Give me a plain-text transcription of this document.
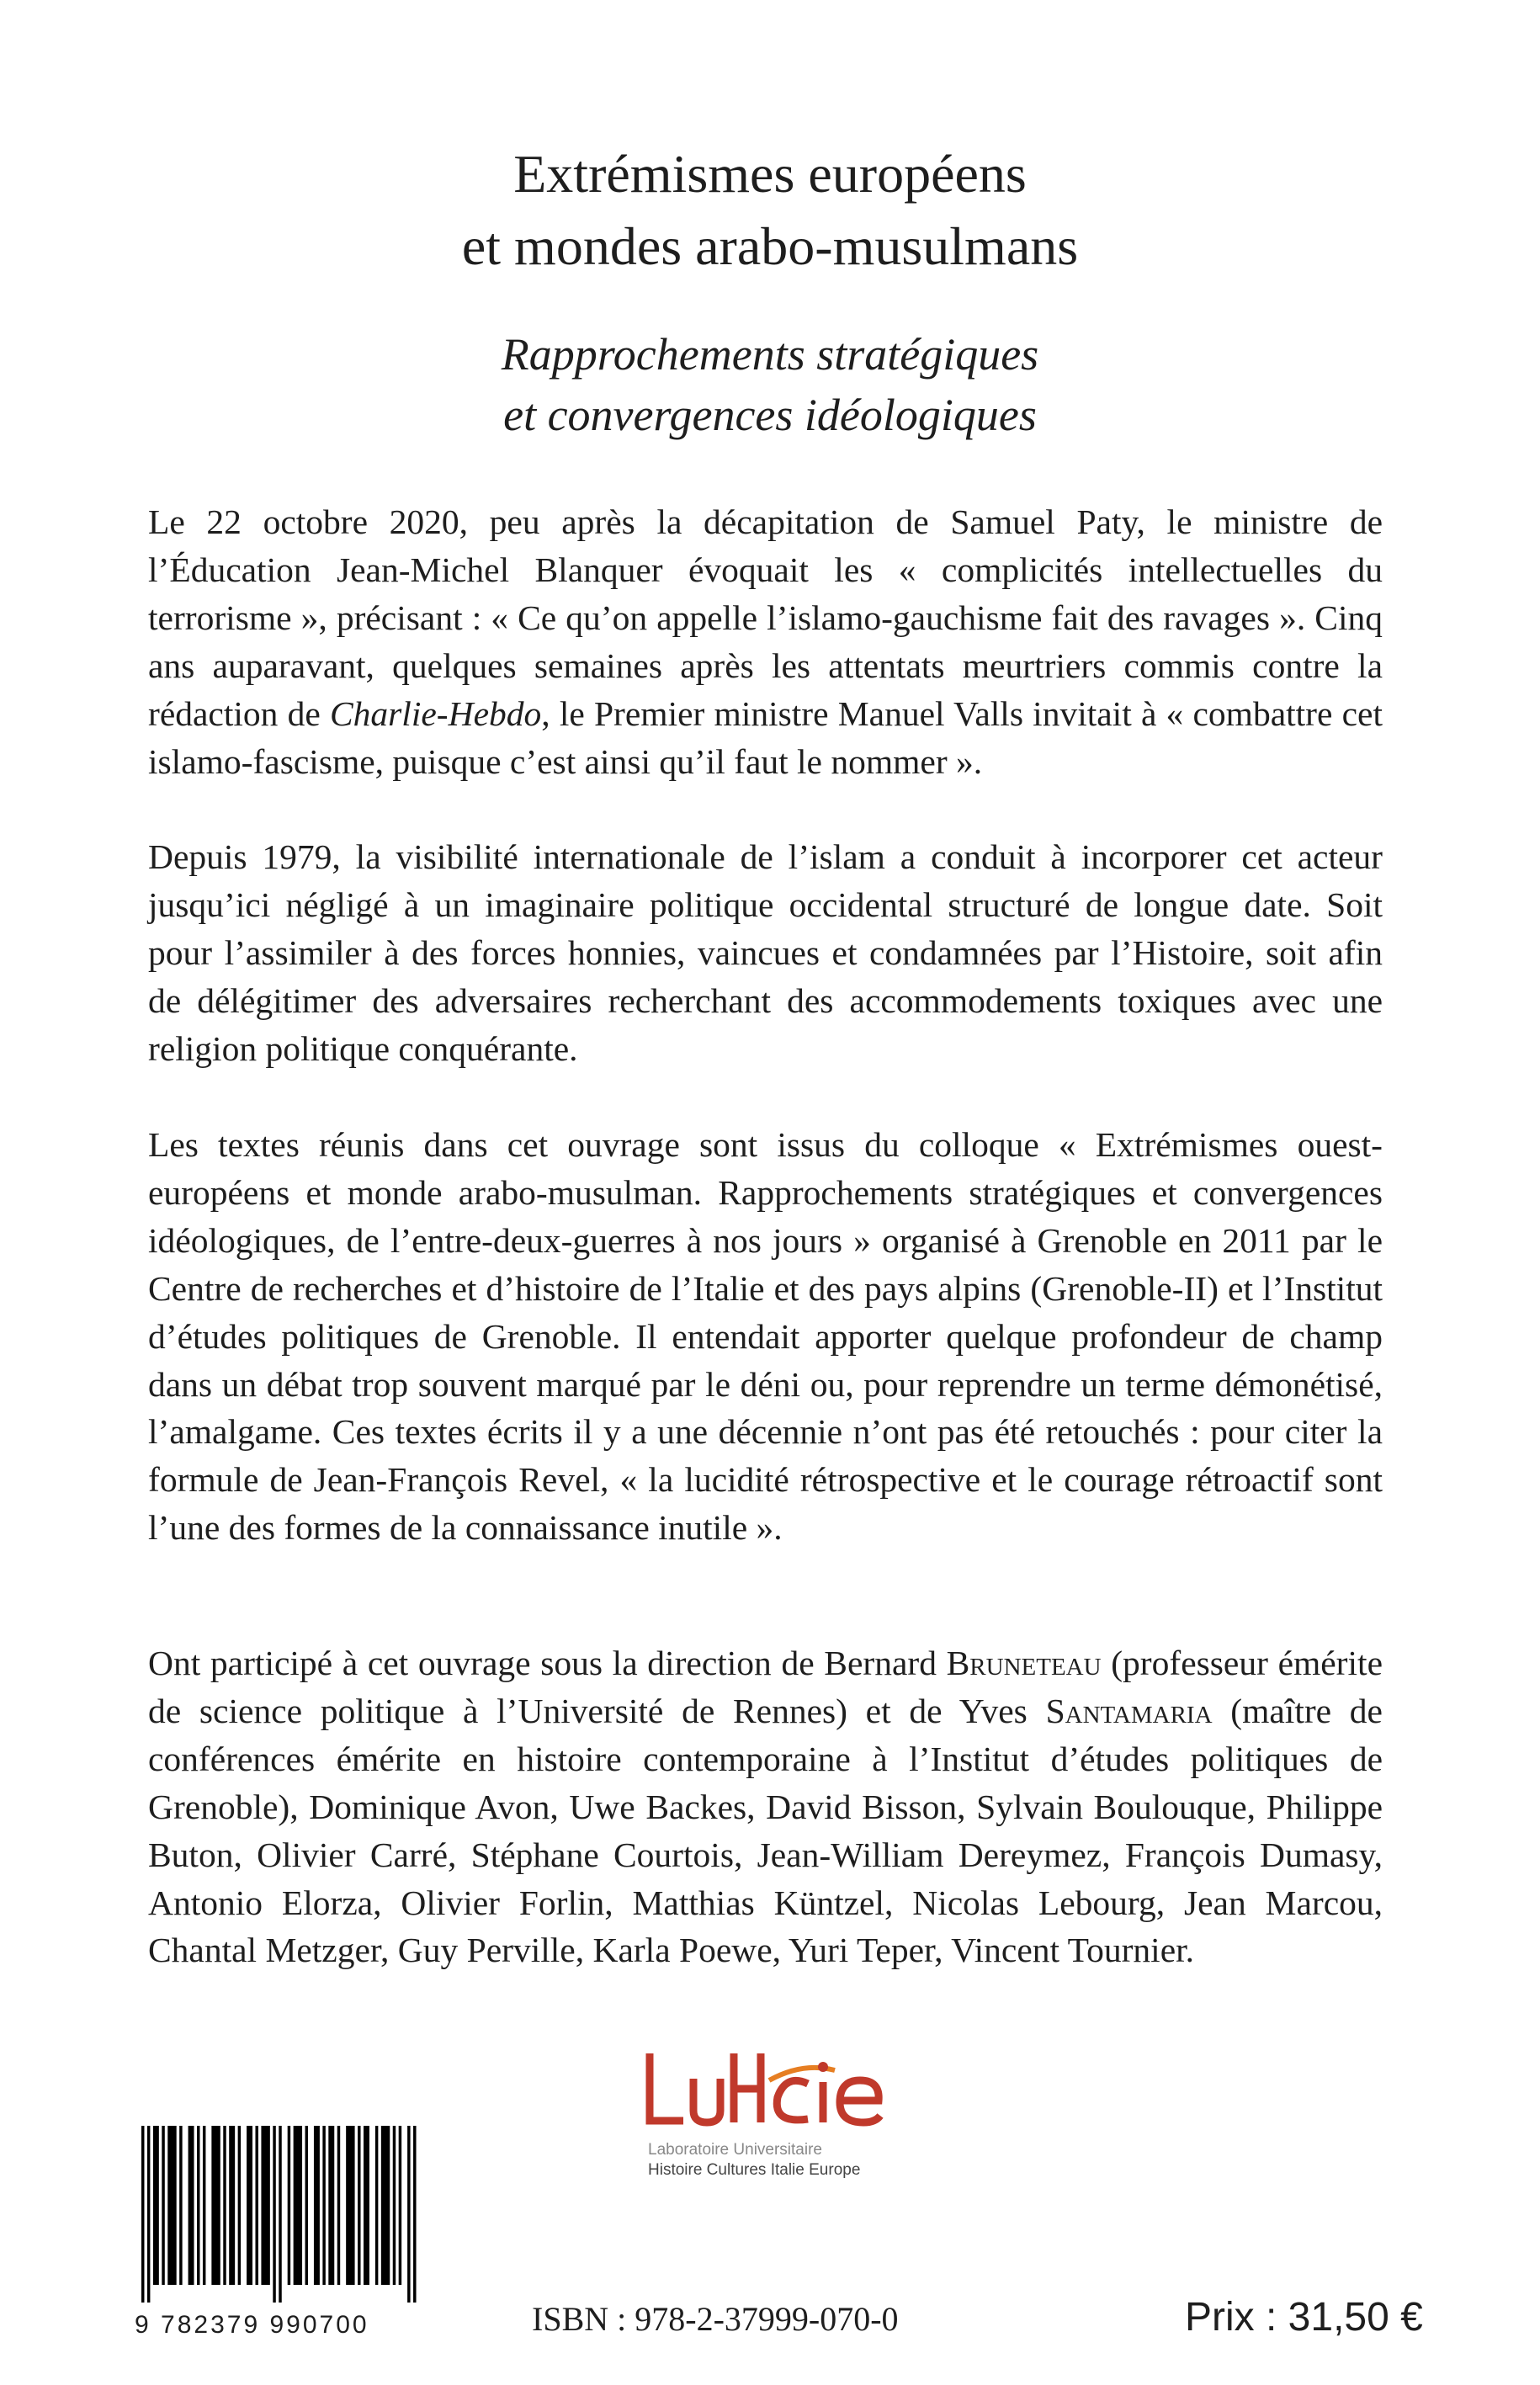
Extrémismes européens
et mondes arabo-musulmans
Rapprochements stratégiques
et convergences idéologiques

Le 22 octobre 2020, peu après la décapitation de Samuel Paty, le ministre de l’Éducation Jean-Michel Blanquer évoquait les « complicités intellectuelles du terrorisme », précisant : « Ce qu’on appelle l’islamo-gauchisme fait des ravages ». Cinq ans auparavant, quelques semaines après les attentats meurtriers commis contre la rédaction de Charlie-Hebdo, le Premier ministre Manuel Valls invitait à « combattre cet islamo-fascisme, puisque c’est ainsi qu’il faut le nommer ».

Depuis 1979, la visibilité internationale de l’islam a conduit à incorporer cet acteur jusqu’ici négligé à un imaginaire politique occidental structuré de longue date. Soit pour l’assimiler à des forces honnies, vaincues et condamnées par l’Histoire, soit afin de délégitimer des adversaires recherchant des accommodements toxiques avec une religion politique conquérante.

Les textes réunis dans cet ouvrage sont issus du colloque « Extrémismes ouest-européens et monde arabo-musulman. Rapprochements stratégiques et convergences idéologiques, de l’entre-deux-guerres à nos jours » organisé à Grenoble en 2011 par le Centre de recherches et d’histoire de l’Italie et des pays alpins (Grenoble-II) et l’Institut d’études politiques de Grenoble. Il entendait apporter quelque profondeur de champ dans un débat trop souvent marqué par le déni ou, pour reprendre un terme démonétisé, l’amalgame. Ces textes écrits il y a une décennie n’ont pas été retouchés : pour citer la formule de Jean-François Revel, « la lucidité rétrospective et le courage rétroactif sont l’une des formes de la connaissance inutile ».

Ont participé à cet ouvrage sous la direction de Bernard Bruneteau (professeur émérite de science politique à l’Université de Rennes) et de Yves Santamaria (maître de conférences émérite en histoire contemporaine à l’Institut d’études politiques de Grenoble), Dominique Avon, Uwe Backes, David Bisson, Sylvain Boulouque, Philippe Buton, Olivier Carré, Stéphane Courtois, Jean-William Dereymez, François Dumasy, Antonio Elorza, Olivier Forlin, Matthias Küntzel, Nicolas Lebourg, Jean Marcou, Chantal Metzger, Guy Perville, Karla Poewe, Yuri Teper, Vincent Tournier.

Laboratoire Universitaire
Histoire Cultures Italie Europe
9 782379 990700	ISBN : 978-2-37999-070-0	Prix : 31,50 €
